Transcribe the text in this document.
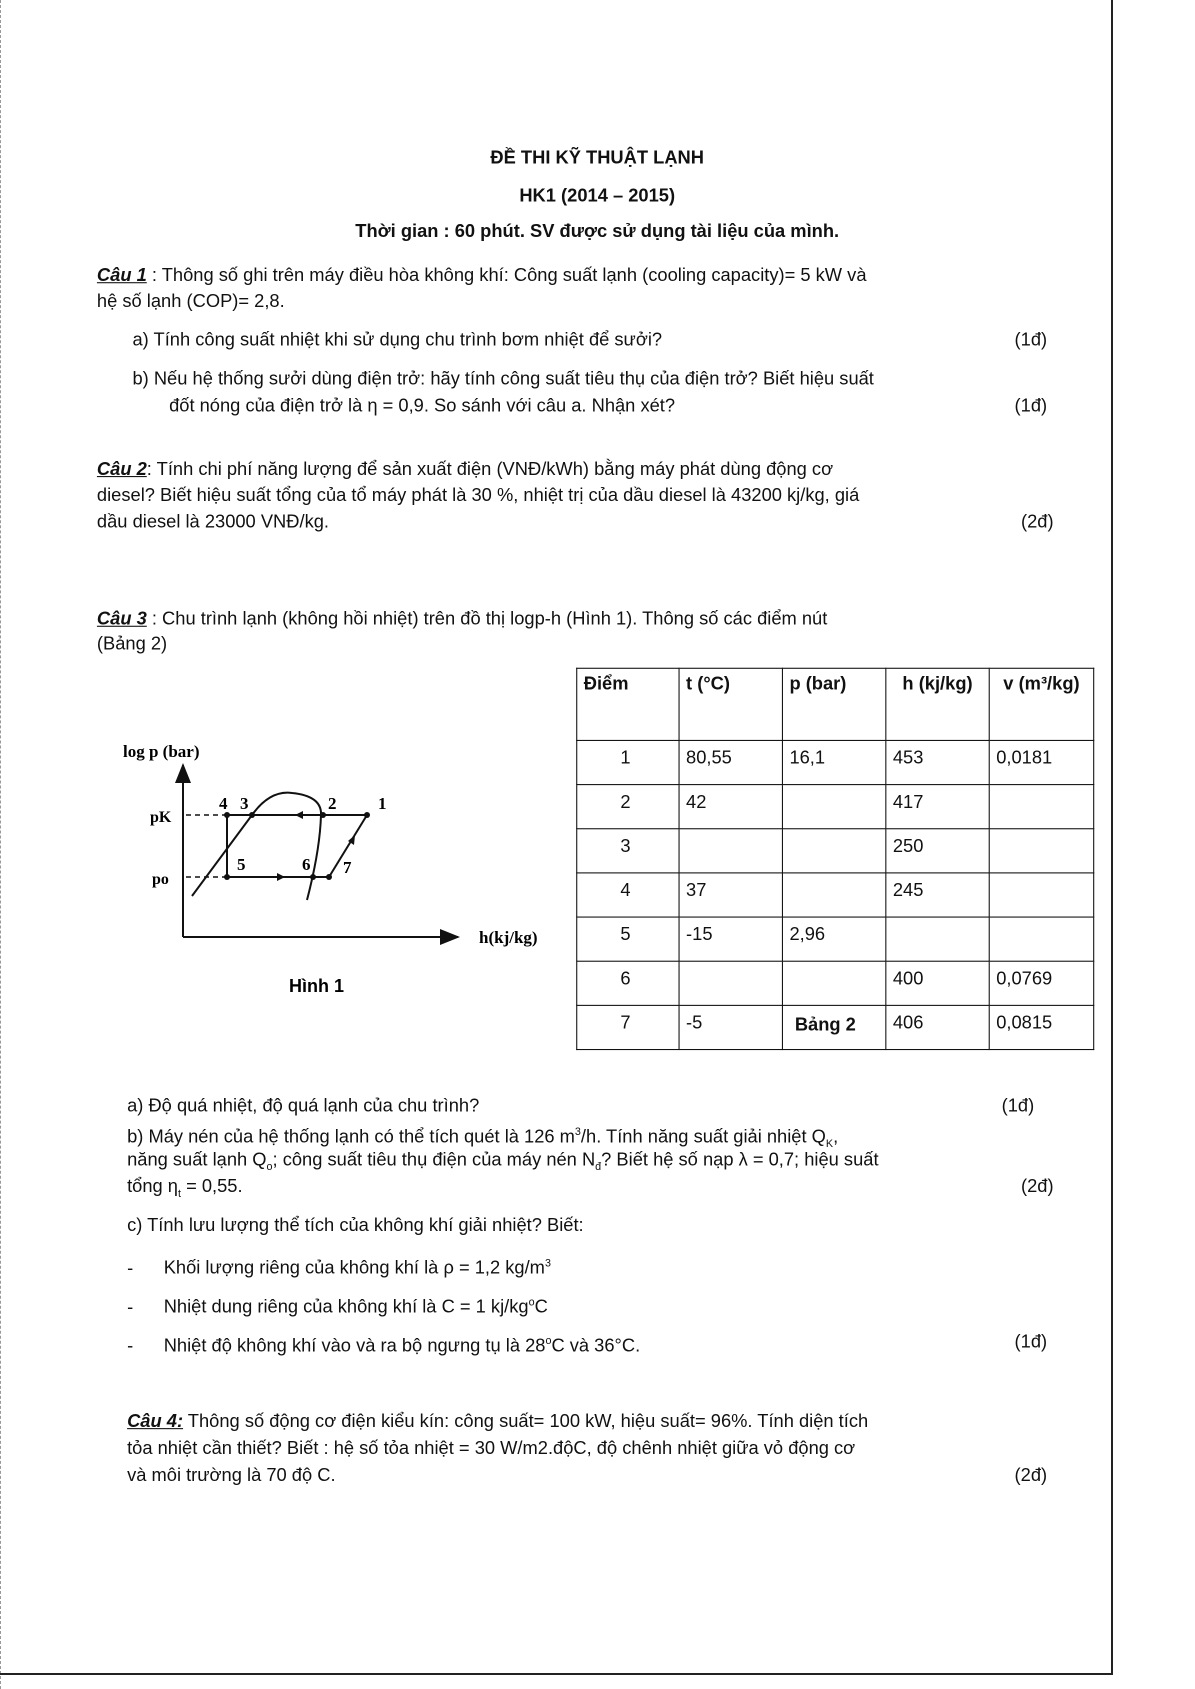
ĐỀ THI KỸ THUẬT LẠNH
HK1 (2014 – 2015)
Thời gian : 60 phút. SV được sử dụng tài liệu của mình.
Câu 1 : Thông số ghi trên máy điều hòa không khí: Công suất lạnh (cooling capacity)= 5 kW và
hệ số lạnh (COP)= 2,8.
a) Tính công suất nhiệt khi sử dụng chu trình bơm nhiệt để sưởi?	(1đ)
b) Nếu hệ thống sưởi dùng điện trở: hãy tính công suất tiêu thụ của điện trở? Biết hiệu suất
đốt nóng của điện trở là η = 0,9. So sánh với câu a. Nhận xét?	(1đ)
Câu 2: Tính chi phí năng lượng để sản xuất điện (VNĐ/kWh) bằng máy phát dùng động cơ
diesel? Biết hiệu suất tổng của tổ máy phát là 30 %, nhiệt trị của dầu diesel là 43200 kj/kg, giá
dầu diesel là 23000 VNĐ/kg.	(2đ)
Câu 3 : Chu trình lạnh (không hồi nhiệt) trên đồ thị logp-h (Hình 1). Thông số các điểm nút
(Bảng 2)
Điểm	t (°C)	p (bar)	h (kj/kg)	v (m³/kg)
1	80,55	16,1	453	0,0181
2	42		417	
3			250	
4	37		245	
5	-15	2,96		
6			400	0,0769
7	-5		406	0,0815
Bảng 2
a) Độ quá nhiệt, độ quá lạnh của chu trình?	(1đ)
b) Máy nén của hệ thống lạnh có thể tích quét là 126 $m^3/h$. Tính năng suất giải nhiệt $Q_K$,
năng suất lạnh $Q_o$; công suất tiêu thụ điện của máy nén $N_đ$? Biết hệ số nạp λ = 0,7; hiệu suất
tổng $\eta_t = 0,55$.	(2đ)
c) Tính lưu lượng thể tích của không khí giải nhiệt? Biết:
- Khối lượng riêng của không khí là ρ = 1,2 $kg/m^3$
- Nhiệt dung riêng của không khí là C = 1 $kj/kg^oC$
- Nhiệt độ không khí vào và ra bộ ngưng tụ là 28$^o$C và 36°C.	(1đ)
Câu 4: Thông số động cơ điện kiểu kín: công suất= 100 kW, hiệu suất= 96%. Tính diện tích
tỏa nhiệt cần thiết? Biết : hệ số tỏa nhiệt = 30 W/m2.độC, độ chênh nhiệt giữa vỏ động cơ
và môi trường là 70 độ C.	(2đ)
log p (bar)
h(kj/kg)
pK
po
1
2
3
4
5	6 7
Hình 1
